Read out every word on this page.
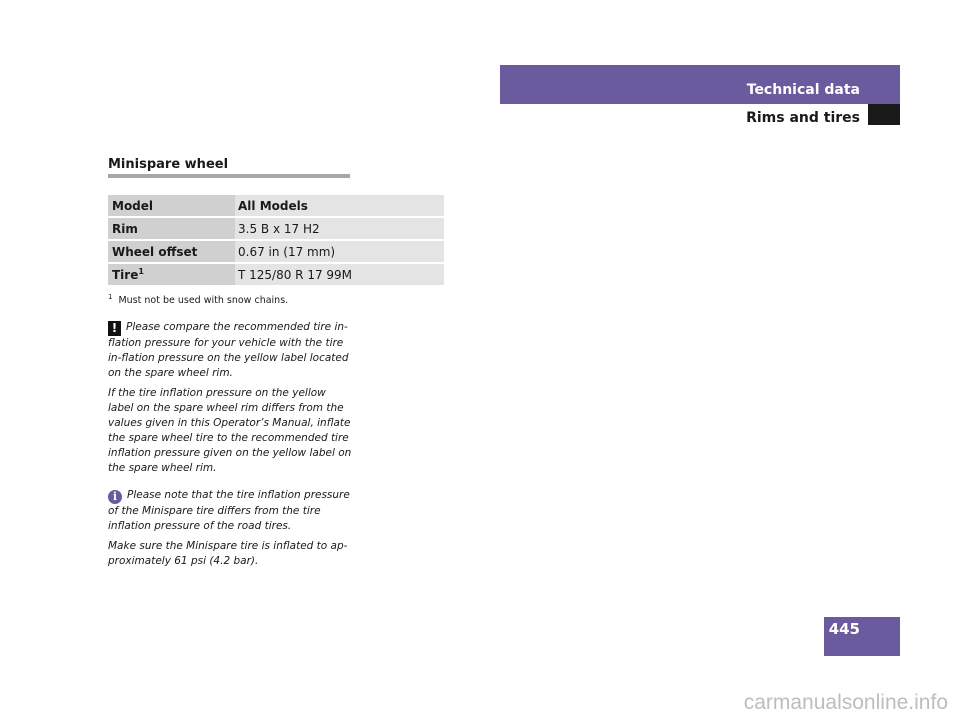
Technical data
Rims and tires
Minispare wheel
Model	All Models
Rim	3.5 B x 17 H2
Wheel offset	0.67 in (17 mm)
Tire$^1$	T 125/80 R 17 99M
$^1$ Must not be used with snow chains.

! Please compare the recommended tire in-flation pressure for your vehicle with the tire in-flation pressure on the yellow label located on the spare wheel rim.

If the tire inflation pressure on the yellow label on the spare wheel rim differs from the values given in this Operator’s Manual, inflate the spare wheel tire to the recommended tire inflation pressure given on the yellow label on the spare wheel rim.

i Please note that the tire inflation pressure of the Minispare tire differs from the tire inflation pressure of the road tires.

Make sure the Minispare tire is inflated to ap-proximately 61 psi (4.2 bar).

445
carmanualsonline.info
